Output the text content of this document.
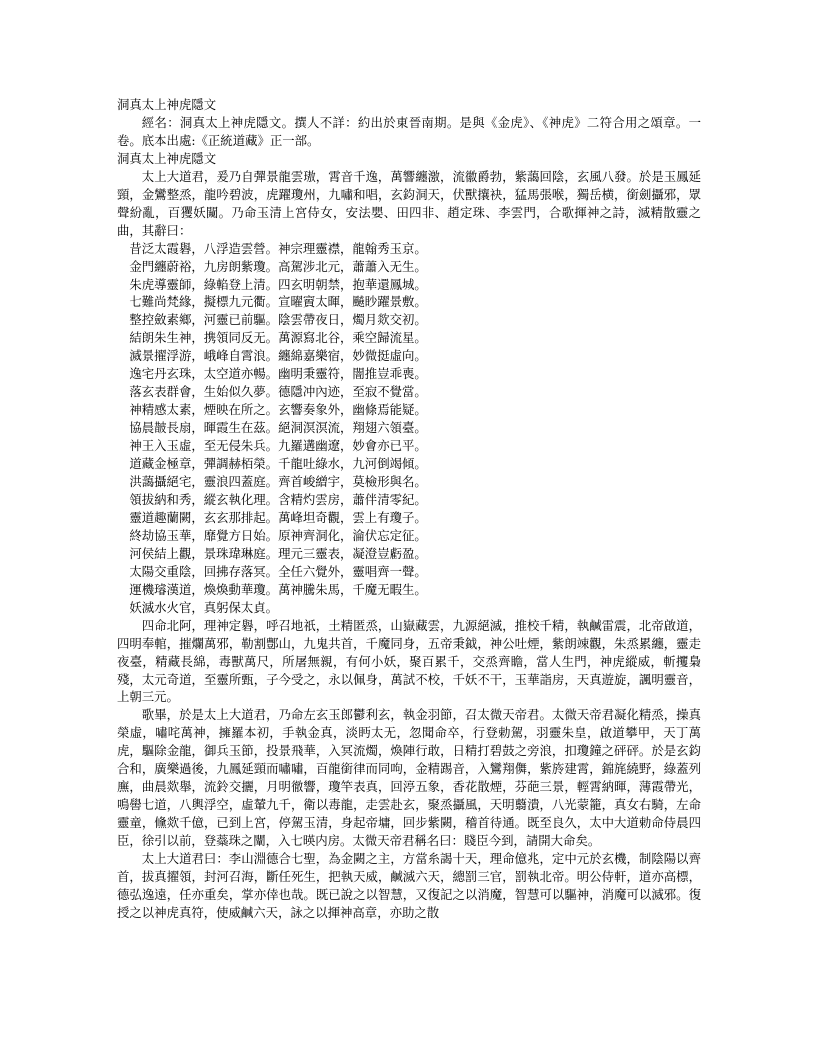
洞真太上神虎隱文
經名：洞真太上神虎隱文。撰人不詳：約出於東晉南期。是與《金虎》、《神虎》二符合用之頌章。一卷。底本出處:《正統道藏》正一部。
洞真太上神虎隱文
太上大道君，爰乃自彈景龍雲璈，霄音千逸，萬響纏激，流徽爵勃，紫藹回陰，玄風八發。於是玉鳳延頸，金鸞整烝，龍吟碧波，虎躍瓊州，九嘯和唱，玄鈞洞天，伏獸攘袂，猛馬張喉，獨岳横，銜劍攝邪，眾聲紛亂，百玃妖闚。乃命玉清上宮侍女，安法嬰、田四非、趙定珠、李雲門，合歌揮神之詩，滅精散靈之曲，其辭曰：
昔泛太霞礜，八浮造雲營。神宗理靈襟，龍翰秀玉京。
金門纏蔚裕，九房朗紫瓊。高駕涉北元，蕭蕭入无生。
朱虎導靈師，綠輡登上清。四玄明朝禁，抱華還鳳城。
七難尚梵緣，擬標九元衢。宣曜賨太暉，飇眇躍景敷。
整控斂素鄉，河靈已前驅。陰雲帶夜日，燭月欻交初。
結朗朱生神，携領同反无。萬源寫北谷，乘空歸流星。
滅景擢浮游，峨峰自霄浪。纏綿嘉樂宿，妙微挺虛向。
逸宅丹玄珠，太空道亦暢。幽明秉靈符，闇推豈乖喪。
落玄表群會，生始似久夢。德隱冲內迹，至寂不覺當。
神精感太素，煙映在所之。玄響奏象外，幽條焉能疑。
協晨皵長扇，暉霞生在茲。絕洞溟溟流，翔翅六領臺。
神王入玉虛，至无侵朱兵。九羅遘幽遼，妙會亦已平。
道藏金極章，彈調赫栢榮。千龍吐綠水，九河倒竭傾。
洪藹攝絕宅，靈浪四蓋庭。齊首峻繒宇，莫檢形與名。
領拔納和秀，縱玄執化理。含精灼雲房，蕭伴清零紀。
靈道趣蘭闕，玄玄那排起。萬峰坦奇觀，雲上有瓊子。
終劫協玉華，靡覺方日始。原神齊洞化，淪伏忘定征。
河侯結上觀，景珠瑋琳庭。理元三靈表，凝澄豈虧盈。
太陽交重陰，回拂存落冥。全任六覺外，靈唱齊一聲。
運機璿漢道，煥煥動華瓊。萬神騰朱馬，千魔无暇生。
妖滅水火官，真躬保太貞。
四命北阿，理神定礜，呼召地祇，土精匿烝，山嶽藏雲，九源絕滅，推校千精，執鹹雷震，北帝啟道，四明奉輨，摧爛萬邪，勒割鄷山，九鬼共首，千魔同身，五帝秉鉞，神公吐煙，紫朗竦觀，朱烝累纏，靈走夜臺，精藏長綿，毒獸萬尺，所屠無親，有何小妖，聚百累千，交烝齊瞻，當人生門，神虎縱威，斬攫梟殘，太元奇道，至靈所甄，子今受之，永以佩身，萬試不校，千妖不干，玉華詣房，天真遊旋，諷明靈音，上朝三元。
歌畢，於是太上大道君，乃命左玄玉郎鬱利玄，執金羽節，召太微天帝君。太微天帝君凝化精烝，操真榮虛，嘯咤萬神，擁羅本初，手執金真，淡眄太无，忽聞命卒，行登勅駕，羽靈朱皇，啟道攀甲，天丁萬虎，驅除金龍，御兵玉節，投景飛華，入冥流燭，煥陣行敢，日精打碧鼓之旁浪，扣瓊鐘之砰砰。於是玄鈞合和，廣樂過後，九鳳延頸而嘯嘯，百龍銜律而同呴，金精踢音，入鸞翔儛，紫旍建霄，錦旄繞野，綠蓋列廡，曲晨欻舉，流鈴交攦，月明徹響，瓊竿表真，回渟五象，香花散煙，芬葩三景，輕霄納暉，薄霞帶光，鳴嚳七道，八輿浮空，虛輦九千，衛以毒龍，走雲赴玄，聚烝攝風，天明蘙潰，八光蒙籠，真女右騎，左命靈童，儵欻千億，已到上宮，停駕玉清，身起帝墉，回步紫闕，稽首待通。既至良久，太中大道勅命侍晨四臣，徐引以前，登蘂珠之闡，入七暎内房。太微天帝君稱名曰：賤臣今到，請開大命矣。
太上大道君曰：李山淵德合七聖，為金闕之主，方當糸謁十天，理命億兆，定中元於玄機，制陰陽以齊首，拔真擢領，封河召海，斷任死生，把執天威，鹹滅六天，總罰三官，罰執北帝。明公侍軒，道亦高標，德弘逸遠，任亦重矣，掌亦倖也哉。既已說之以智慧，又復記之以消魔，智慧可以驅神，消魔可以滅邪。復授之以神虎真符，使威鹹六天，詠之以揮神高章，亦助之散
